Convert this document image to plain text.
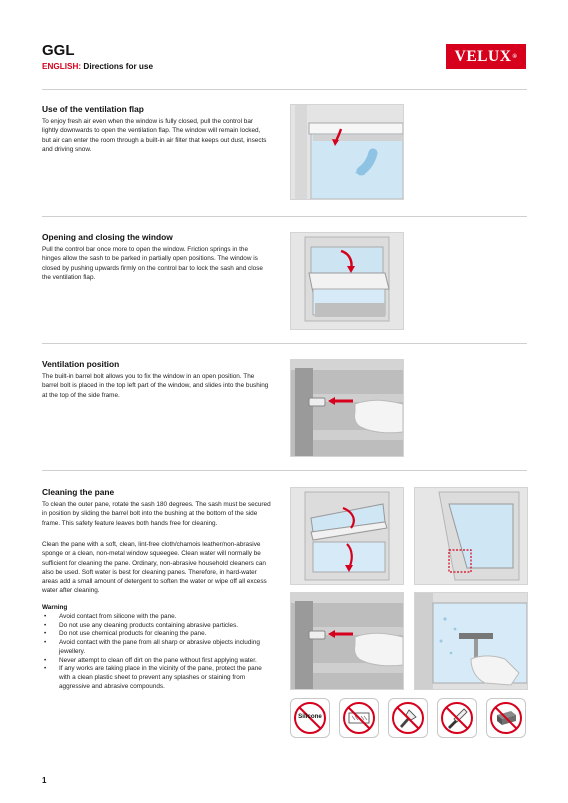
GGL

ENGLISH: Directions for use

VELUX ®
Use of the ventilation flap

To enjoy fresh air even when the window is fully closed, pull the control bar lightly downwards to open the ventilation flap. The window will remain locked, but air can enter the room through a built-in air filter that keeps out dust, insects and driving snow.

Opening and closing the window

Pull the control bar once more to open the window. Friction springs in the hinges allow the sash to be parked in partially open positions. The window is closed by pushing upwards firmly on the control bar to lock the sash and close the ventilation flap.

Ventilation position

The built-in barrel bolt allows you to fix the window in an open position. The barrel bolt is placed in the top left part of the window, and slides into the bushing at the top of the side frame.

Cleaning the pane

To clean the outer pane, rotate the sash 180 degrees. The sash must be secured in position by sliding the barrel bolt into the bushing at the bottom of the side frame. This safety feature leaves both hands free for cleaning.

Clean the pane with a soft, clean, lint-free cloth/chamois leather/non-abrasive sponge or a clean, non-metal window squeegee. Clean water will normally be sufficient for cleaning the pane. Ordinary, non-abrasive household cleaners can also be used. Soft water is best for cleaning panes. Therefore, in hard-water areas add a small amount of detergent to soften the water or wipe off all excess water after cleaning.

Warning

• Avoid contact from silicone with the pane.
• Do not use any cleaning products containing abrasive particles.
• Do not use chemical products for cleaning the pane.
• Avoid contact with the pane from all sharp or abrasive objects including jewellery.
• Never attempt to clean off dirt on the pane without first applying water.
• If any works are taking place in the vicinity of the pane, protect the pane with a clean plastic sheet to prevent any splashes or staining from aggressive and abrasive compounds.
Silicone

1
